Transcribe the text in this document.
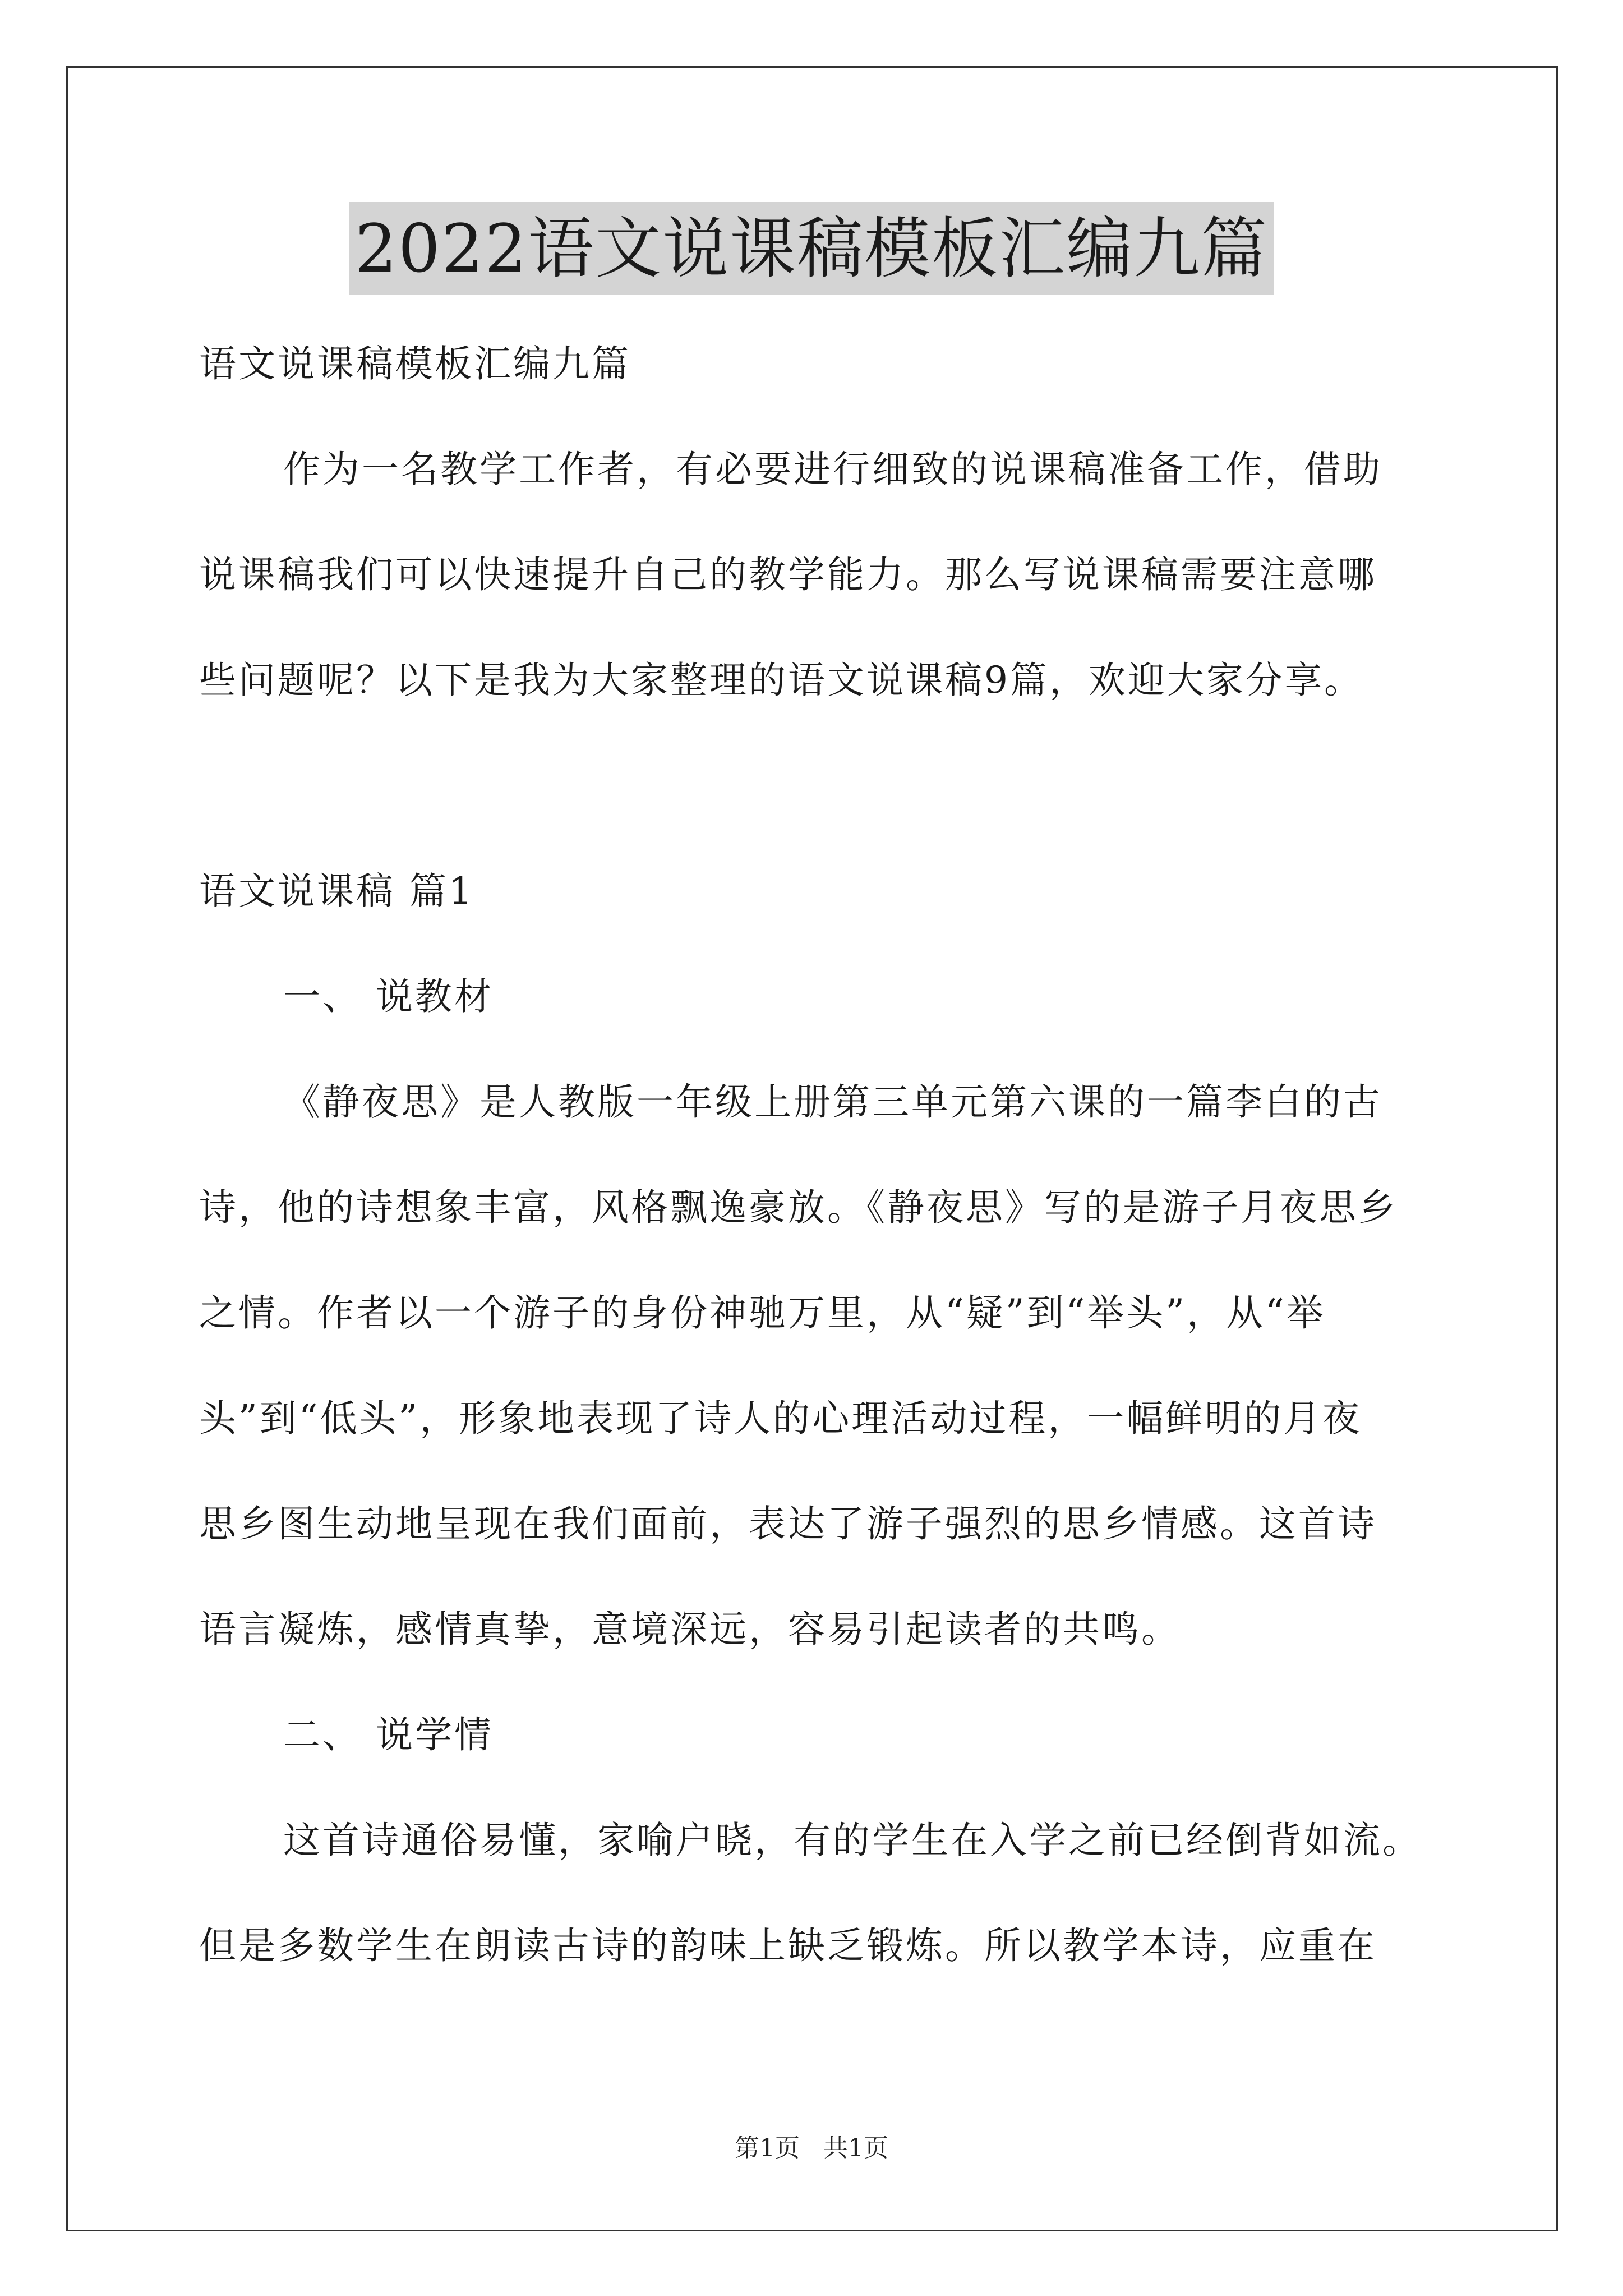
2022语文说课稿模板汇编九篇

语文说课稿模板汇编九篇

作为一名教学工作者，有必要进行细致的说课稿准备工作，借助

说课稿我们可以快速提升自己的教学能力。那么写说课稿需要注意哪

些问题呢？以下是我为大家整理的语文说课稿9篇，欢迎大家分享。

语文说课稿 篇1

一、 说教材

《静夜思》是人教版一年级上册第三单元第六课的一篇李白的古

诗，他的诗想象丰富，风格飘逸豪放。《静夜思》写的是游子月夜思乡

之情。作者以一个游子的身份神驰万里，从“疑”到“举头”，从“举

头”到“低头”，形象地表现了诗人的心理活动过程，一幅鲜明的月夜

思乡图生动地呈现在我们面前，表达了游子强烈的思乡情感。这首诗

语言凝炼，感情真挚，意境深远，容易引起读者的共鸣。

二、 说学情

这首诗通俗易懂，家喻户晓，有的学生在入学之前已经倒背如流。

但是多数学生在朗读古诗的韵味上缺乏锻炼。所以教学本诗，应重在

第1页 共1页
